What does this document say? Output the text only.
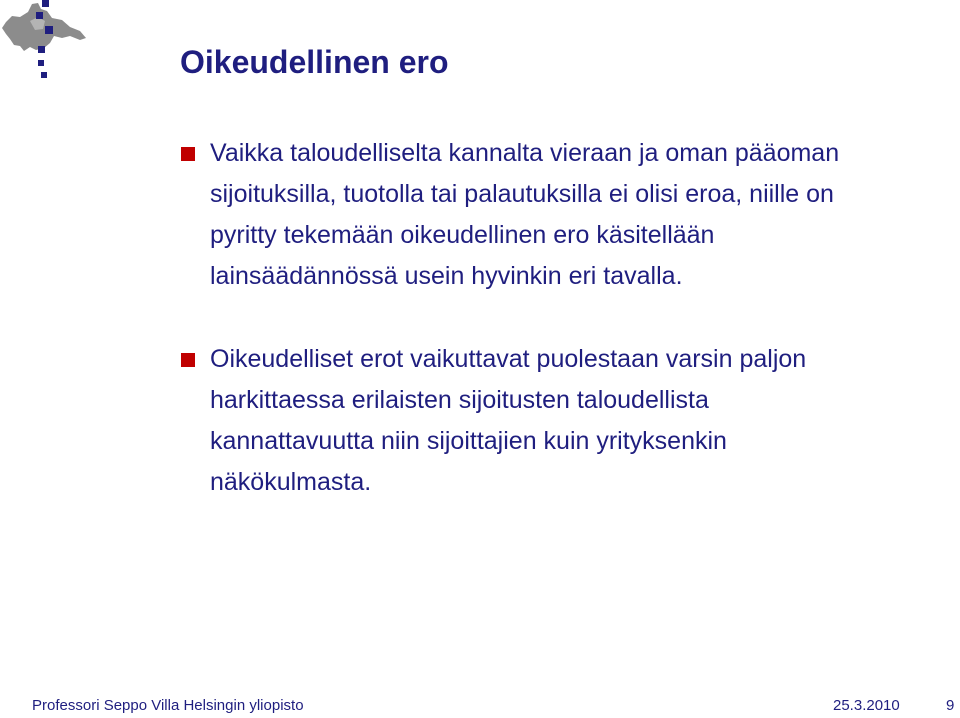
Oikeudellinen ero
Vaikka taloudelliselta kannalta vieraan ja oman pääoman
sijoituksilla, tuotolla tai palautuksilla ei olisi eroa, niille on
pyritty tekemään oikeudellinen ero käsitellään
lainsäädännössä usein hyvinkin eri tavalla.
Oikeudelliset erot vaikuttavat puolestaan varsin paljon
harkittaessa erilaisten sijoitusten taloudellista
kannattavuutta niin sijoittajien kuin yrityksenkin
näkökulmasta.
Professori Seppo Villa Helsingin yliopisto	25.3.2010	9
